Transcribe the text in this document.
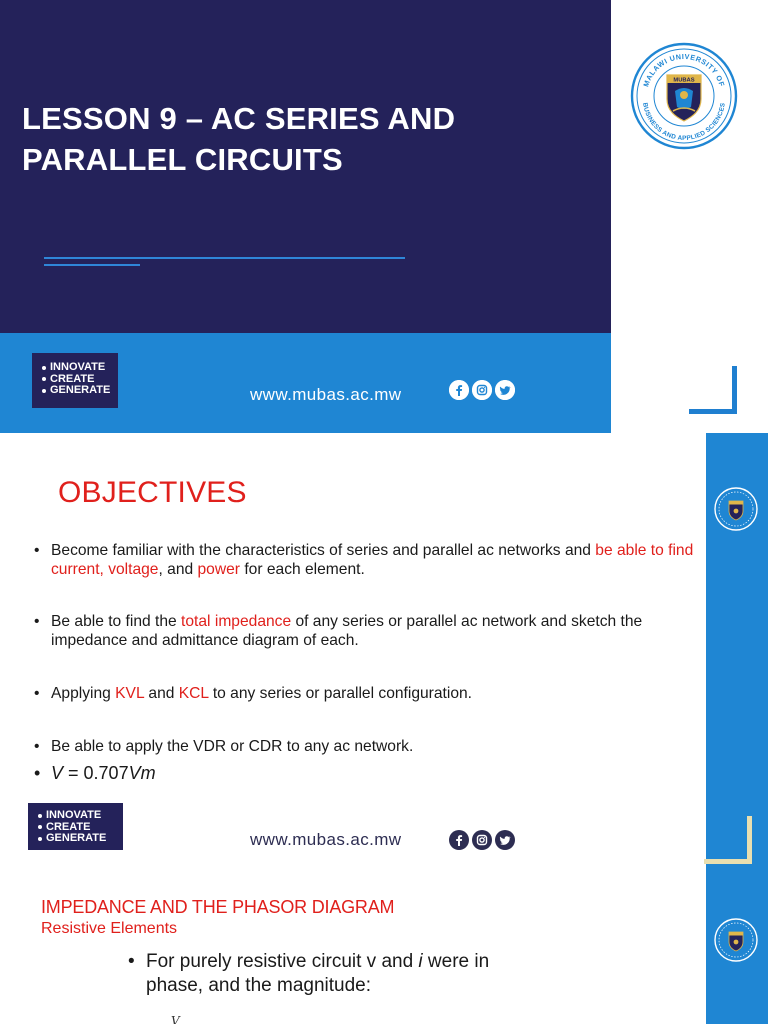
LESSON 9 – AC SERIES AND
PARALLEL CIRCUITS
INNOVATE
CREATE
GENERATE	www.mubas.ac.mw
MALAWI UNIVERSITY OF
BUSINESS AND APPLIED SCIENCES
MUBAS
OBJECTIVES
• Become familiar with the characteristics of series and parallel ac networks and be able to find current, voltage, and power for each element.
• Be able to find the total impedance of any series or parallel ac network and sketch the impedance and admittance diagram of each.
• Applying KVL and KCL to any series or parallel configuration.
• Be able to apply the VDR or CDR to any ac network.
• V = 0.707Vm
INNOVATE
CREATE
GENERATE	www.mubas.ac.mw
IMPEDANCE AND THE PHASOR DIAGRAM
Resistive Elements
• For purely resistive circuit v and i were in phase, and the magnitude:
V
